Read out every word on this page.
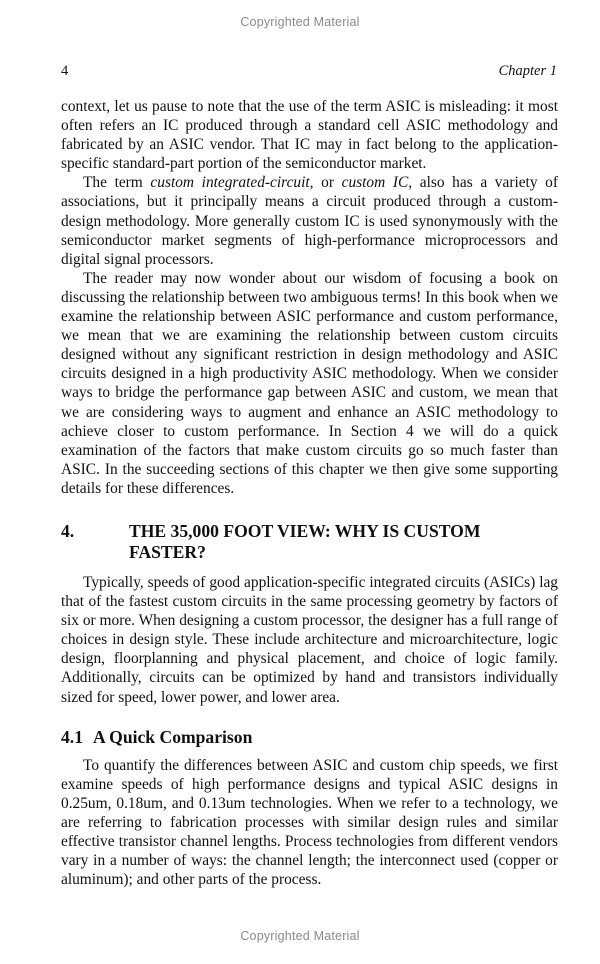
Copyrighted Material
4	Chapter 1

context, let us pause to note that the use of the term ASIC is misleading: it most often refers an IC produced through a standard cell ASIC methodology and fabricated by an ASIC vendor. That IC may in fact belong to the application-specific standard-part portion of the semiconductor market.

The term custom integrated-circuit, or custom IC, also has a variety of associations, but it principally means a circuit produced through a custom-design methodology. More generally custom IC is used synonymously with the semiconductor market segments of high-performance microprocessors and digital signal processors.

The reader may now wonder about our wisdom of focusing a book on discussing the relationship between two ambiguous terms! In this book when we examine the relationship between ASIC performance and custom performance, we mean that we are examining the relationship between custom circuits designed without any significant restriction in design methodology and ASIC circuits designed in a high productivity ASIC methodology. When we consider ways to bridge the performance gap between ASIC and custom, we mean that we are considering ways to augment and enhance an ASIC methodology to achieve closer to custom performance. In Section 4 we will do a quick examination of the factors that make custom circuits go so much faster than ASIC. In the succeeding sections of this chapter we then give some supporting details for these differences.

4.	THE 35,000 FOOT VIEW: WHY IS CUSTOM FASTER?

Typically, speeds of good application-specific integrated circuits (ASICs) lag that of the fastest custom circuits in the same processing geometry by factors of six or more. When designing a custom processor, the designer has a full range of choices in design style. These include architecture and microarchitecture, logic design, floorplanning and physical placement, and choice of logic family. Additionally, circuits can be optimized by hand and transistors individually sized for speed, lower power, and lower area.

4.1 A Quick Comparison

To quantify the differences between ASIC and custom chip speeds, we first examine speeds of high performance designs and typical ASIC designs in 0.25um, 0.18um, and 0.13um technologies. When we refer to a technology, we are referring to fabrication processes with similar design rules and similar effective transistor channel lengths. Process technologies from different vendors vary in a number of ways: the channel length; the interconnect used (copper or aluminum); and other parts of the process.

Copyrighted Material
